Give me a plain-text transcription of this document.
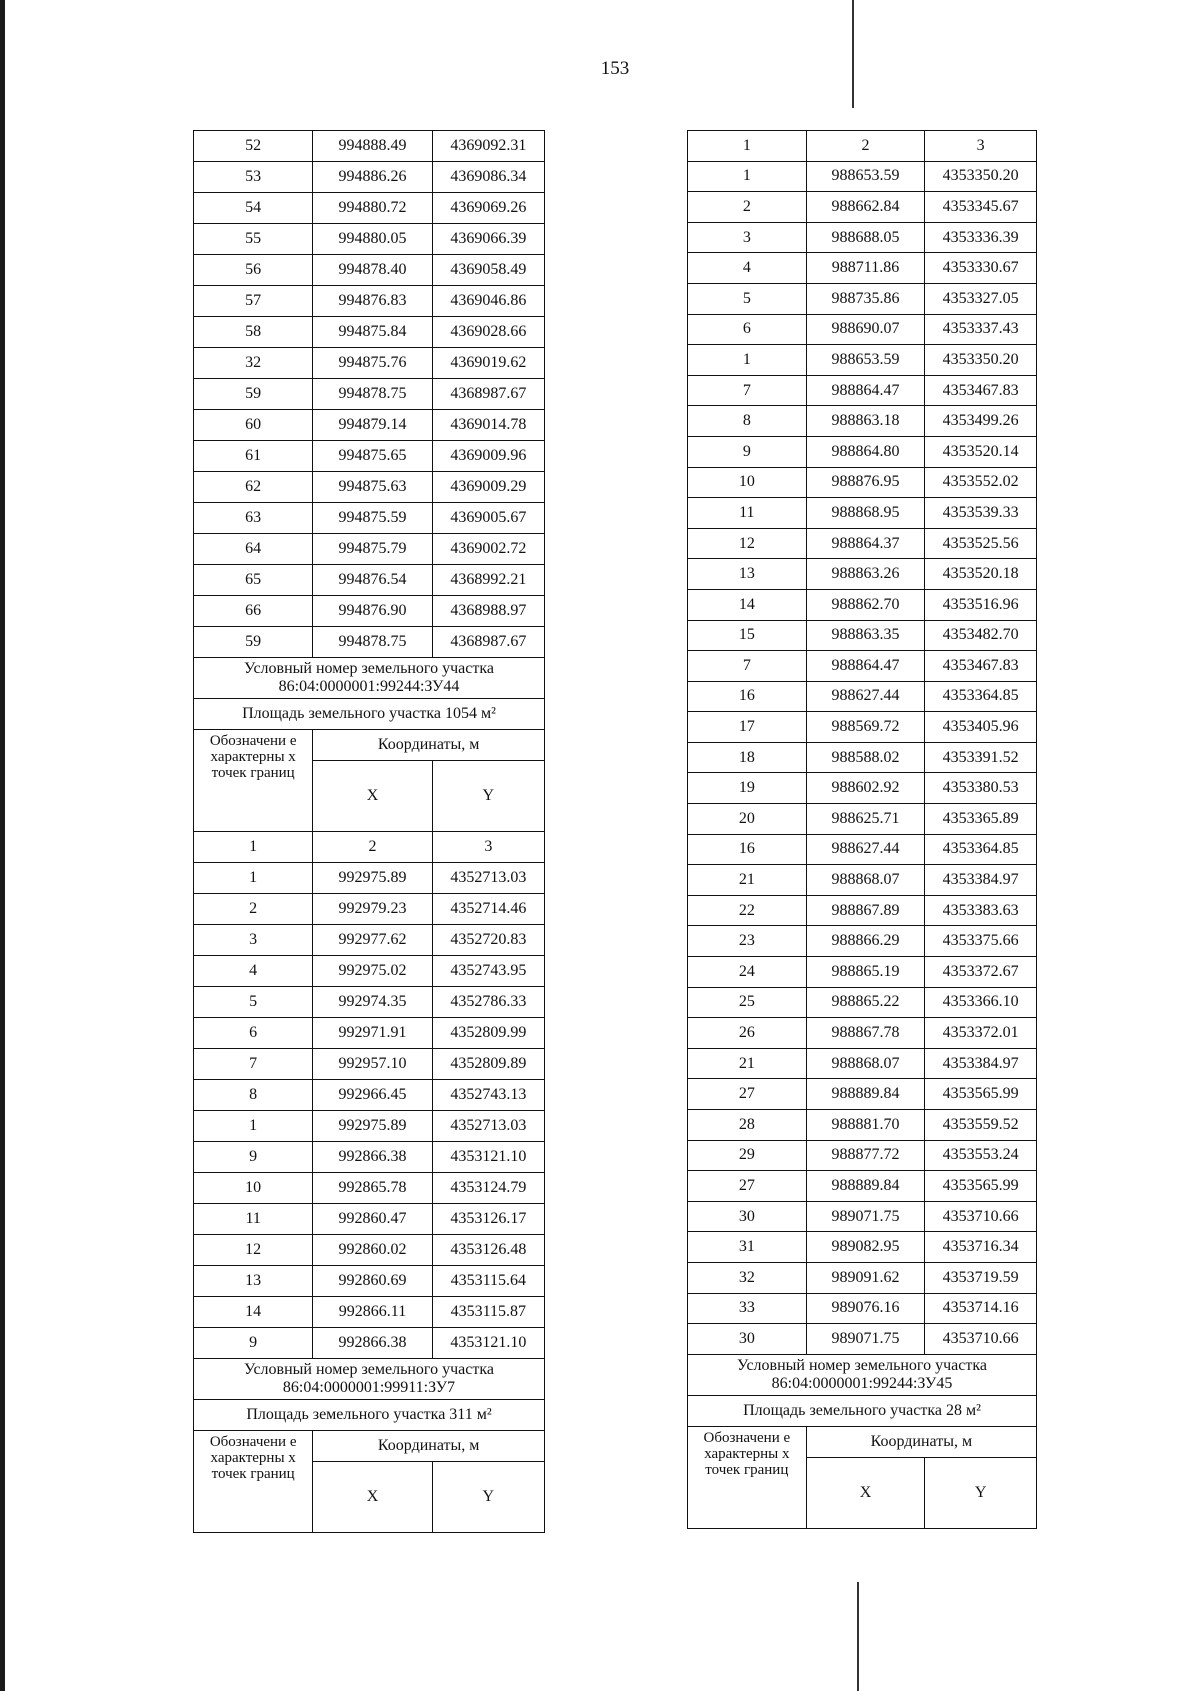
153
52	994888.49	4369092.31
53	994886.26	4369086.34
54	994880.72	4369069.26
55	994880.05	4369066.39
56	994878.40	4369058.49
57	994876.83	4369046.86
58	994875.84	4369028.66
32	994875.76	4369019.62
59	994878.75	4368987.67
60	994879.14	4369014.78
61	994875.65	4369009.96
62	994875.63	4369009.29
63	994875.59	4369005.67
64	994875.79	4369002.72
65	994876.54	4368992.21
66	994876.90	4368988.97
59	994878.75	4368987.67
Условный номер земельного участка 86:04:0000001:99244:ЗУ44		
Площадь земельного участка 1054 м²		
Обозначени е характерны х точек границ	Координаты, м	
	X	Y
1	2	3
1	992975.89	4352713.03
2	992979.23	4352714.46
3	992977.62	4352720.83
4	992975.02	4352743.95
5	992974.35	4352786.33
6	992971.91	4352809.99
7	992957.10	4352809.89
8	992966.45	4352743.13
1	992975.89	4352713.03
9	992866.38	4353121.10
10	992865.78	4353124.79
11	992860.47	4353126.17
12	992860.02	4353126.48
13	992860.69	4353115.64
14	992866.11	4353115.87
9	992866.38	4353121.10
Условный номер земельного участка 86:04:0000001:99911:ЗУ7		
Площадь земельного участка 311 м²		
Обозначени е характерны х точек границ	Координаты, м	
	X	Y
1	2	3
1	988653.59	4353350.20
2	988662.84	4353345.67
3	988688.05	4353336.39
4	988711.86	4353330.67
5	988735.86	4353327.05
6	988690.07	4353337.43
1	988653.59	4353350.20
7	988864.47	4353467.83
8	988863.18	4353499.26
9	988864.80	4353520.14
10	988876.95	4353552.02
11	988868.95	4353539.33
12	988864.37	4353525.56
13	988863.26	4353520.18
14	988862.70	4353516.96
15	988863.35	4353482.70
7	988864.47	4353467.83
16	988627.44	4353364.85
17	988569.72	4353405.96
18	988588.02	4353391.52
19	988602.92	4353380.53
20	988625.71	4353365.89
16	988627.44	4353364.85
21	988868.07	4353384.97
22	988867.89	4353383.63
23	988866.29	4353375.66
24	988865.19	4353372.67
25	988865.22	4353366.10
26	988867.78	4353372.01
21	988868.07	4353384.97
27	988889.84	4353565.99
28	988881.70	4353559.52
29	988877.72	4353553.24
27	988889.84	4353565.99
30	989071.75	4353710.66
31	989082.95	4353716.34
32	989091.62	4353719.59
33	989076.16	4353714.16
30	989071.75	4353710.66
Условный номер земельного участка 86:04:0000001:99244:ЗУ45		
Площадь земельного участка 28 м²		
Обозначени е характерны х точек границ	Координаты, м	
	X	Y
